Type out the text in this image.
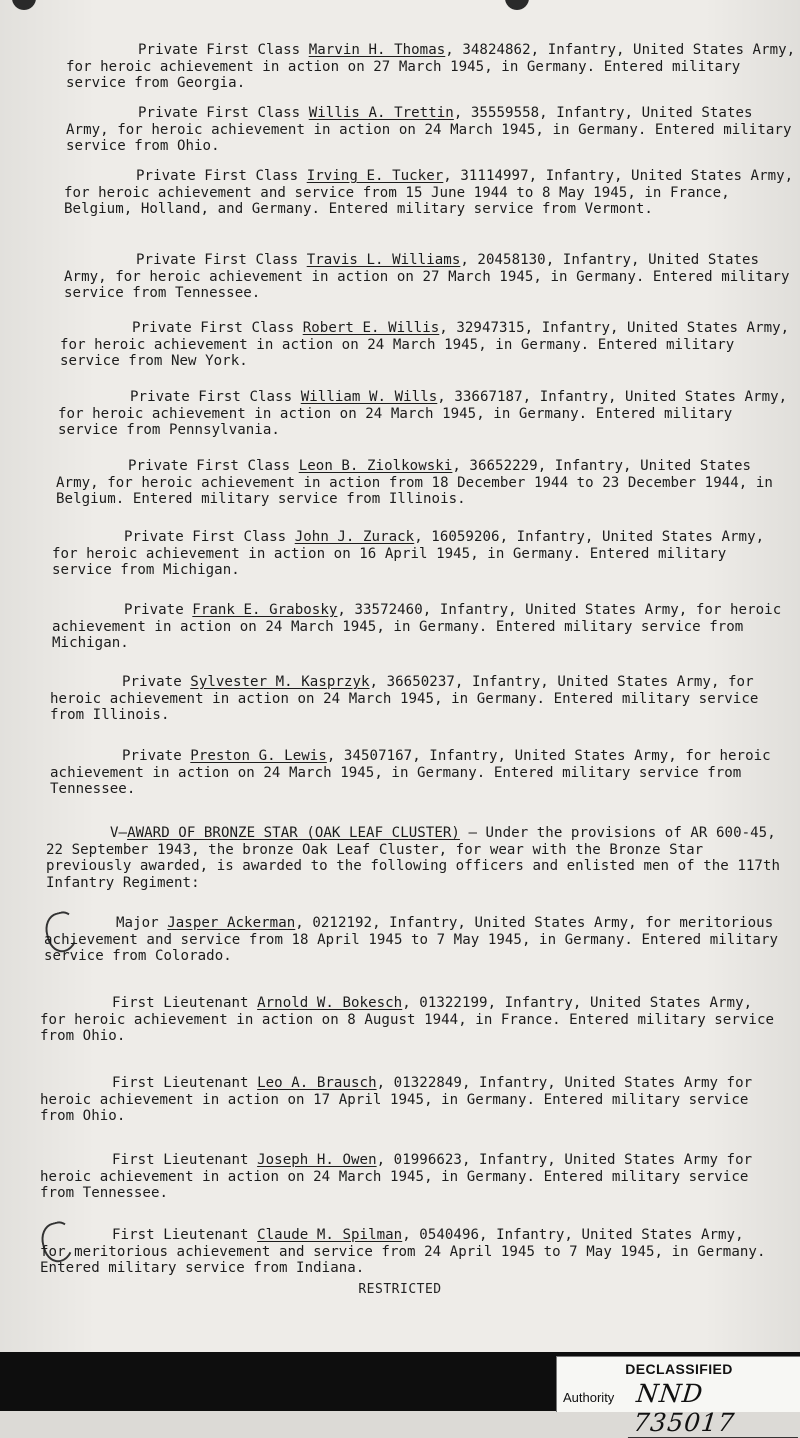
Private First Class Marvin H. Thomas, 34824862, Infantry, United States Army, for heroic achievement in action on 27 March 1945, in Germany. Entered military service from Georgia.

Private First Class Willis A. Trettin, 35559558, Infantry, United States Army, for heroic achievement in action on 24 March 1945, in Germany. Entered military service from Ohio.

Private First Class Irving E. Tucker, 31114997, Infantry, United States Army, for heroic achievement and service from 15 June 1944 to 8 May 1945, in France, Belgium, Holland, and Germany. Entered military service from Vermont.

Private First Class Travis L. Williams, 20458130, Infantry, United States Army, for heroic achievement in action on 27 March 1945, in Germany. Entered military service from Tennessee.

Private First Class Robert E. Willis, 32947315, Infantry, United States Army, for heroic achievement in action on 24 March 1945, in Germany. Entered military service from New York.

Private First Class William W. Wills, 33667187, Infantry, United States Army, for heroic achievement in action on 24 March 1945, in Germany. Entered military service from Pennsylvania.

Private First Class Leon B. Ziolkowski, 36652229, Infantry, United States Army, for heroic achievement in action from 18 December 1944 to 23 December 1944, in Belgium. Entered military service from Illinois.

Private First Class John J. Zurack, 16059206, Infantry, United States Army, for heroic achievement in action on 16 April 1945, in Germany. Entered military service from Michigan.

Private Frank E. Grabosky, 33572460, Infantry, United States Army, for heroic achievement in action on 24 March 1945, in Germany. Entered military service from Michigan.

Private Sylvester M. Kasprzyk, 36650237, Infantry, United States Army, for heroic achievement in action on 24 March 1945, in Germany. Entered military service from Illinois.

Private Preston G. Lewis, 34507167, Infantry, United States Army, for heroic achievement in action on 24 March 1945, in Germany. Entered military service from Tennessee.

V—AWARD OF BRONZE STAR (OAK LEAF CLUSTER) — Under the provisions of AR 600-45, 22 September 1943, the bronze Oak Leaf Cluster, for wear with the Bronze Star previously awarded, is awarded to the following officers and enlisted men of the 117th Infantry Regiment:

Major Jasper Ackerman, 0212192, Infantry, United States Army, for meritorious achievement and service from 18 April 1945 to 7 May 1945, in Germany. Entered military service from Colorado.

First Lieutenant Arnold W. Bokesch, 01322199, Infantry, United States Army, for heroic achievement in action on 8 August 1944, in France. Entered military service from Ohio.

First Lieutenant Leo A. Brausch, 01322849, Infantry, United States Army for heroic achievement in action on 17 April 1945, in Germany. Entered military service from Ohio.

First Lieutenant Joseph H. Owen, 01996623, Infantry, United States Army for heroic achievement in action on 24 March 1945, in Germany. Entered military service from Tennessee.

First Lieutenant Claude M. Spilman, 0540496, Infantry, United States Army, for meritorious achievement and service from 24 April 1945 to 7 May 1945, in Germany. Entered military service from Indiana.

RESTRICTED
DECLASSIFIED
Authority NND 735017
